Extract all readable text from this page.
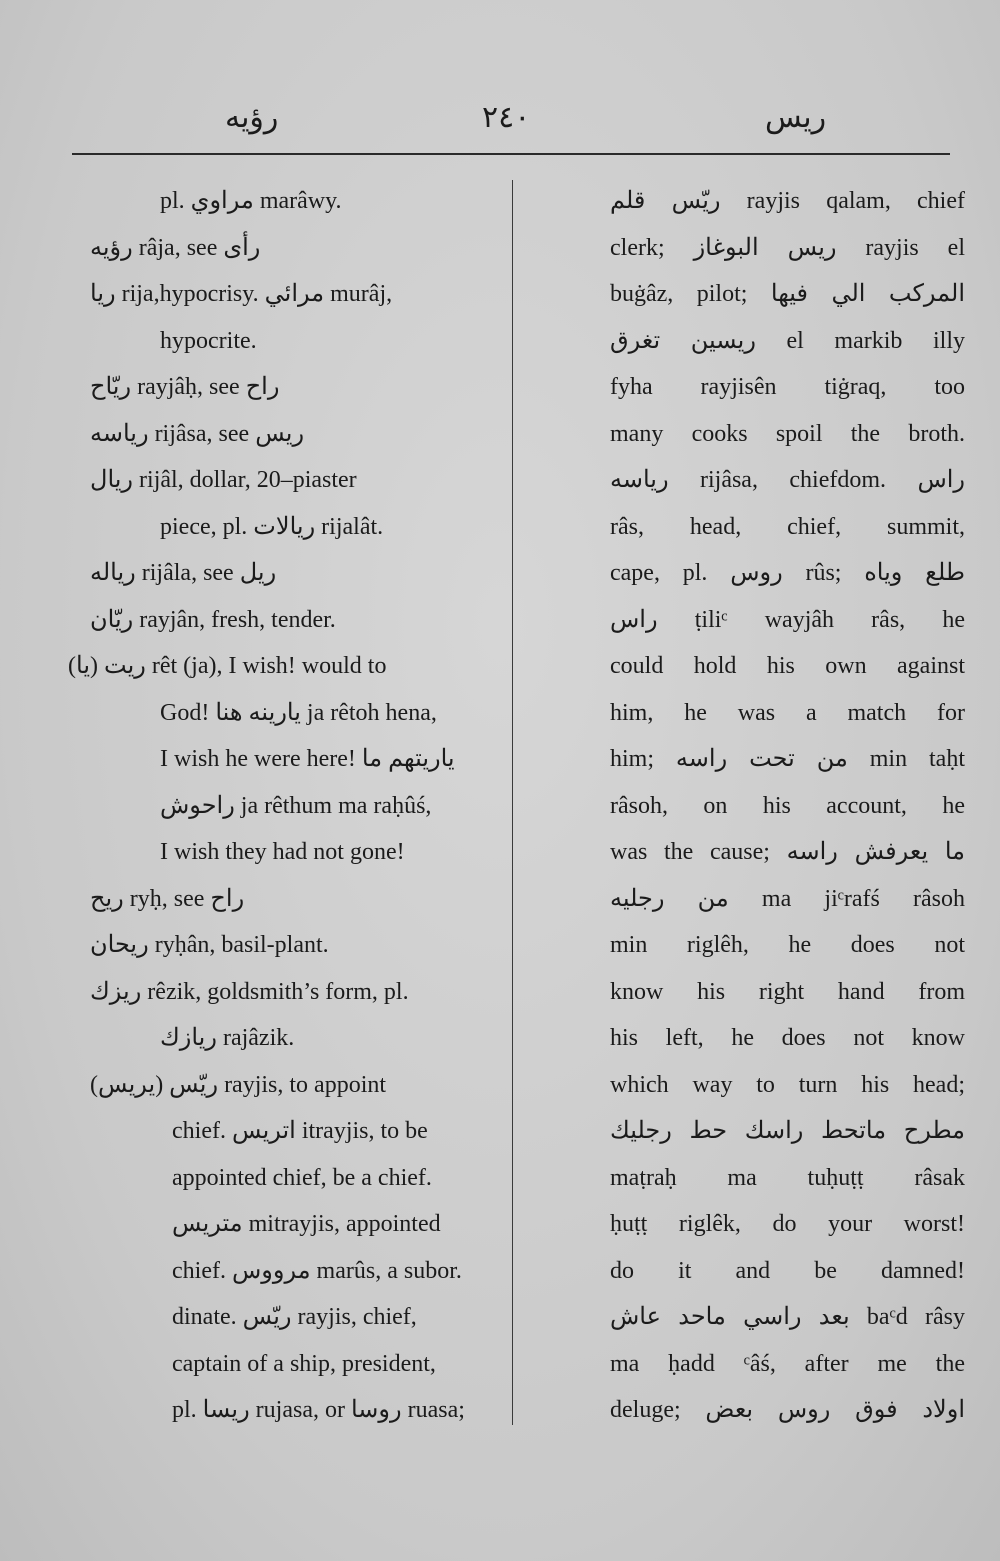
رؤيه	٢٤٠	ريس
pl. مراوي marâwy.
رؤيه râja, see رأى
ريا rija,hypocrisy. مرائي murâj,
hypocrite.
ريّاح rayjâḥ, see راح
رياسه rijâsa, see ريس
ريال rijâl, dollar, 20–piaster
piece, pl. ريالات rijalât.
رياله rijâla, see ريل
ريّان rayjân, fresh, tender.
(يا) ريت rêt (ja), I wish! would to
God! يارينه هنا ja rêtoh hena,
I wish he were here! ياريتهم ما
راحوش ja rêthum ma raḥûś,
I wish they had not gone!
ريح ryḥ, see راح
ريحان ryḥân, basil-plant.
ريزك rêzik, goldsmith’s form, pl.
ريازك rajâzik.
ريّس (يريس) rayjis, to appoint
chief. اتريس itrayjis, to be
appointed chief, be a chief.
متريس mitrayjis, appointed
chief. مرووس marûs, a subor.
dinate. ريّس rayjis, chief,
captain of a ship, president,
pl. ريسا rujasa, or روسا ruasa;
ريّس قلم rayjis qalam, chief
clerk; ريس البوغاز rayjis el
buġâz, pilot; المركب الي فيها
ريسين تغرق el markib illy
fyha rayjisên tiġraq, too
many cooks spoil the broth.
رياسه rijâsa, chiefdom. راس
râs, head, chief, summit,
cape, pl. روس rûs; طلع وياه
راس ṭiliᶜ wayjâh râs, he
could hold his own against
him, he was a match for
him; من تحت راسه min taḥt
râsoh, on his account, he
was the cause; ما يعرفش راسه
من رجليه ma jiᶜrafś râsoh
min riglêh, he does not
know his right hand from
his left, he does not know
which way to turn his head;
مطرح ماتحط راسك حط رجليك
maṭraḥ ma tuḥuṭṭ râsak
ḥuṭṭ riglêk, do your worst!
do it and be damned!
بعد راسي ماحد عاش baᶜd râsy
ma ḥadd ᶜâś, after me the
deluge; اولاد فوق روس بعض
